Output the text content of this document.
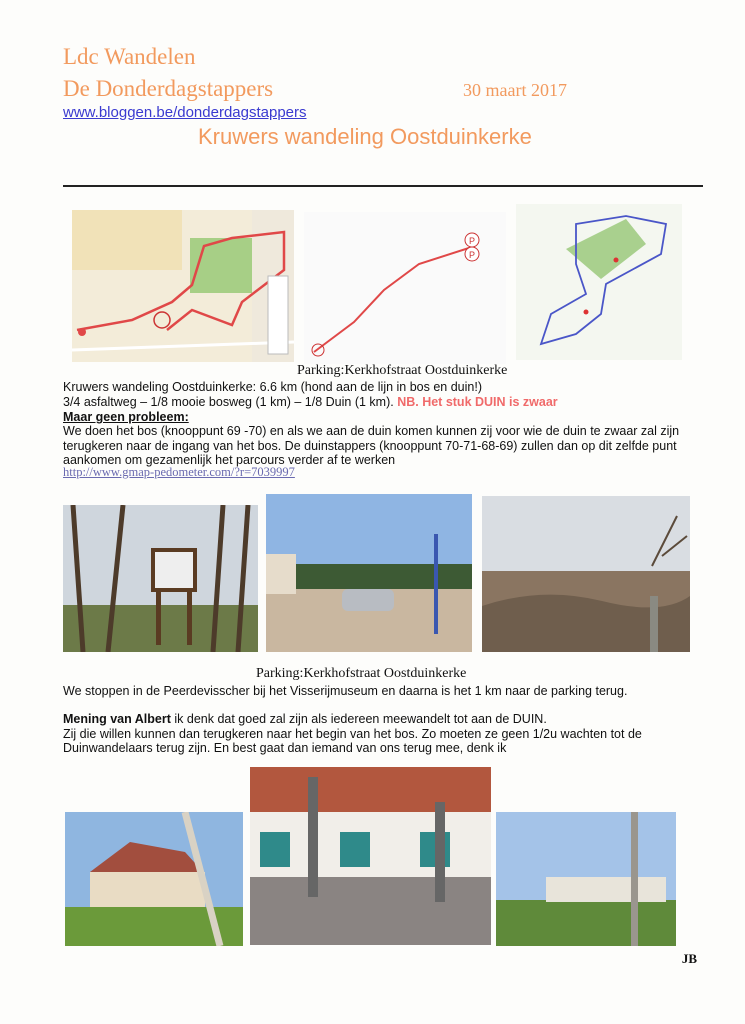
Ldc Wandelen
De Donderdagstappers	30 maart 2017
www.bloggen.be/donderdagstappers
Kruwers wandeling Oostduinkerke
P
P
Parking:Kerkhofstraat Oostduinkerke
Kruwers wandeling Oostduinkerke: 6.6 km (hond aan de lijn in bos en duin!)
3/4 asfaltweg – 1/8 mooie bosweg (1 km) – 1/8 Duin (1 km). NB. Het stuk DUIN is zwaar
Maar geen probleem:
We doen het bos (knooppunt 69 -70) en als we aan de duin komen kunnen zij voor wie de duin te zwaar zal zijn
terugkeren naar de ingang van het bos. De duinstappers (knooppunt 70-71-68-69) zullen dan op dit zelfde punt
aankomen om gezamenlijk het parcours verder af te werken
http://www.gmap-pedometer.com/?r=7039997
Parking:Kerkhofstraat Oostduinkerke
We stoppen in de Peerdevisscher bij het Visserijmuseum en daarna is het 1 km naar de parking terug.
Mening van Albert ik denk dat goed zal zijn als iedereen meewandelt tot aan de DUIN.
Zij die willen kunnen dan terugkeren naar het begin van het bos. Zo moeten ze geen 1/2u wachten tot de
Duinwandelaars terug zijn. En best gaat dan iemand van ons terug mee, denk ik
JB
